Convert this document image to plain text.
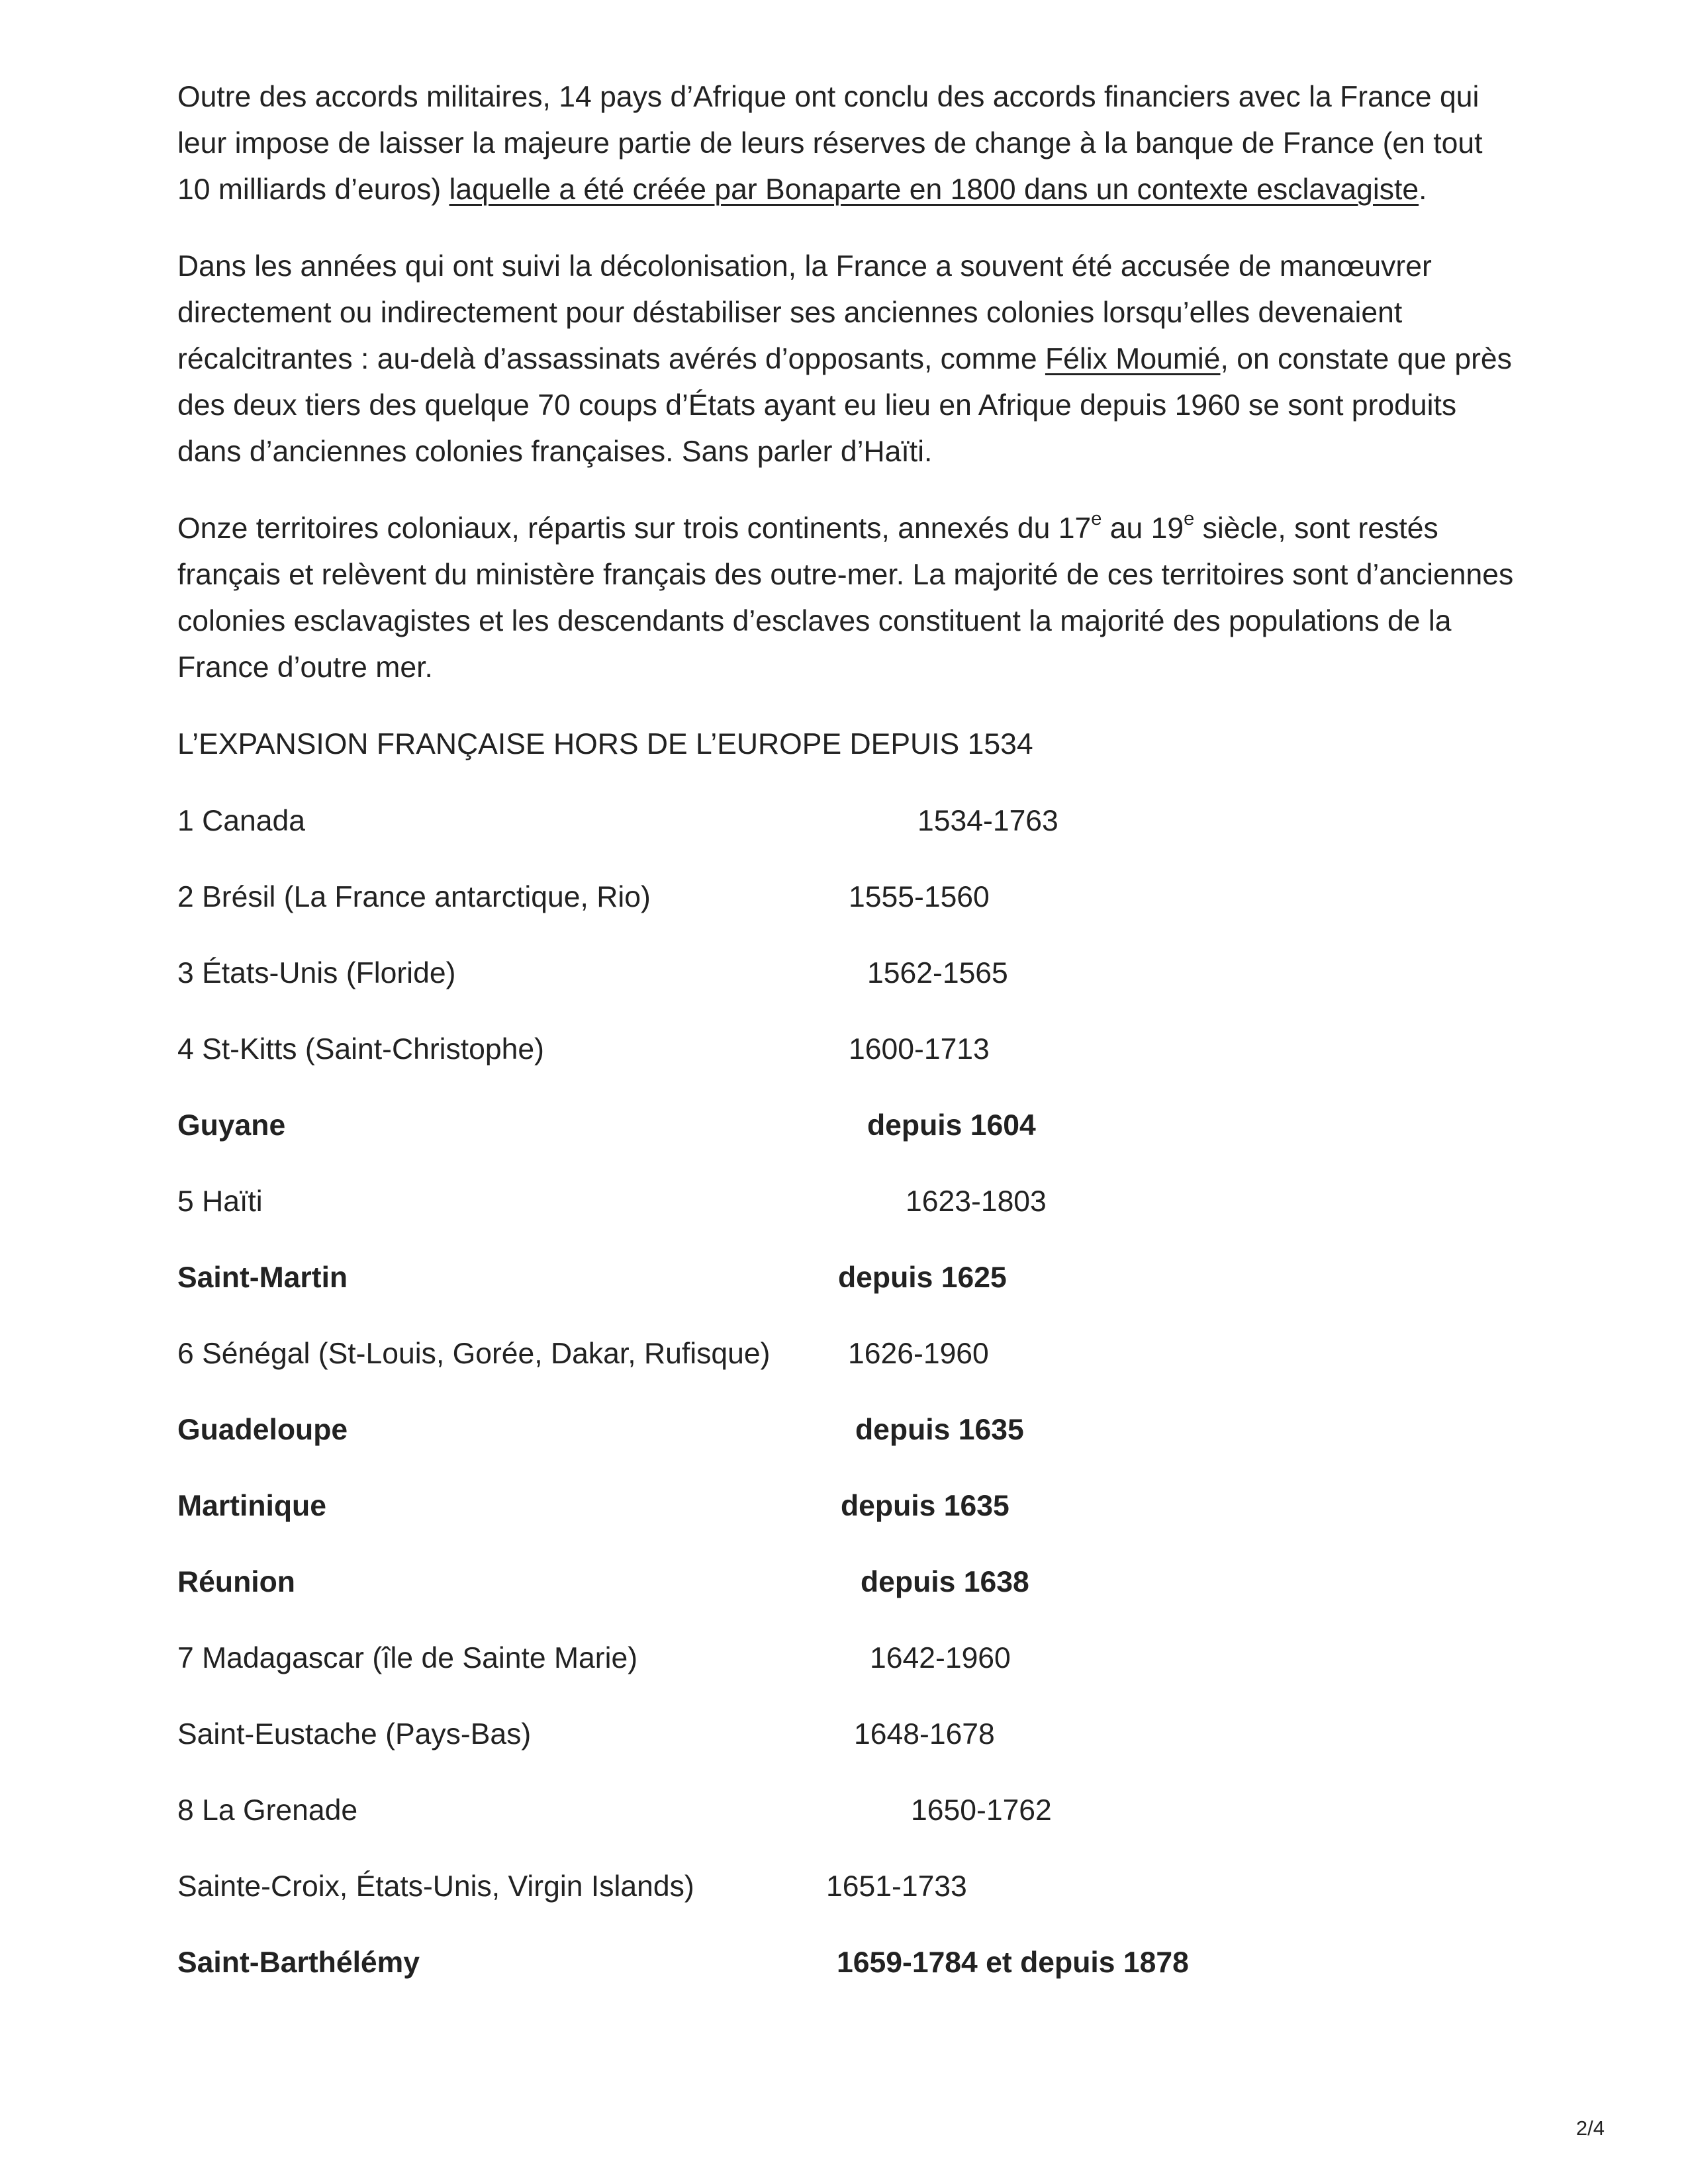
Outre des accords militaires, 14 pays d’Afrique ont conclu des accords financiers avec la France qui leur impose de laisser la majeure partie de leurs réserves de change à la banque de France (en tout 10 milliards d’euros) laquelle a été créée par Bonaparte en 1800 dans un contexte esclavagiste.

Dans les années qui ont suivi la décolonisation, la France a souvent été accusée de manœuvrer directement ou indirectement pour déstabiliser ses anciennes colonies lorsqu’elles devenaient récalcitrantes : au-delà d’assassinats avérés d’opposants, comme Félix Moumié, on constate que près des deux tiers des quelque 70 coups d’États ayant eu lieu en Afrique depuis 1960 se sont produits dans d’anciennes colonies françaises. Sans parler d’Haïti.

Onze territoires coloniaux, répartis sur trois continents, annexés du 17e au 19e siècle, sont restés français et relèvent du ministère français des outre-mer. La majorité de ces territoires sont d’anciennes colonies esclavagistes et les descendants d’esclaves constituent la majorité des populations de la France d’outre mer.

L’EXPANSION FRANÇAISE HORS DE L’EUROPE DEPUIS 1534
1 Canada	1534-1763
2 Brésil (La France antarctique, Rio)	1555-1560
3 États-Unis (Floride)	1562-1565
4 St-Kitts (Saint-Christophe)	1600-1713
Guyane	depuis 1604
5 Haïti	1623-1803
Saint-Martin	depuis 1625
6 Sénégal (St-Louis, Gorée, Dakar, Rufisque)	1626-1960
Guadeloupe	depuis 1635
Martinique	depuis 1635
Réunion	depuis 1638
7 Madagascar (île de Sainte Marie)	1642-1960
Saint-Eustache (Pays-Bas)	1648-1678
8 La Grenade	1650-1762
Sainte-Croix, États-Unis, Virgin Islands)	1651-1733
Saint-Barthélémy	1659-1784 et depuis 1878
2/4
